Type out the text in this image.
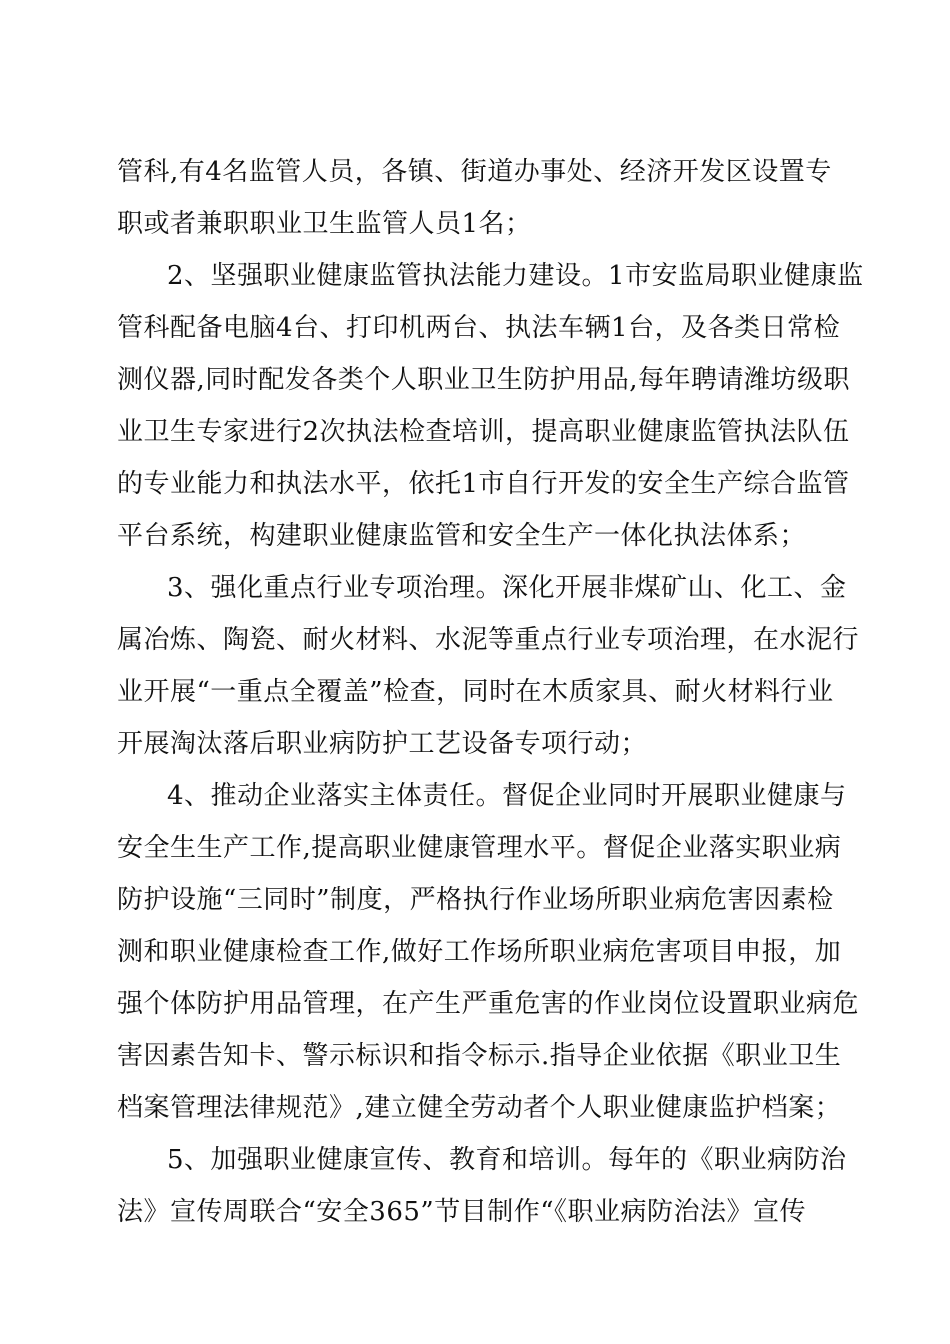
管科,有4名监管人员，各镇、街道办事处、经济开发区设置专
职或者兼职职业卫生监管人员1名；
2、坚强职业健康监管执法能力建设。1市安监局职业健康监
管科配备电脑4台、打印机两台、执法车辆1台，及各类日常检
测仪器,同时配发各类个人职业卫生防护用品,每年聘请潍坊级职
业卫生专家进行2次执法检查培训，提高职业健康监管执法队伍
的专业能力和执法水平，依托1市自行开发的安全生产综合监管
平台系统，构建职业健康监管和安全生产一体化执法体系；
3、强化重点行业专项治理。深化开展非煤矿山、化工、金
属冶炼、陶瓷、耐火材料、水泥等重点行业专项治理，在水泥行
业开展“一重点全覆盖”检查，同时在木质家具、耐火材料行业
开展淘汰落后职业病防护工艺设备专项行动；
4、推动企业落实主体责任。督促企业同时开展职业健康与
安全生生产工作,提高职业健康管理水平。督促企业落实职业病
防护设施“三同时”制度，严格执行作业场所职业病危害因素检
测和职业健康检查工作,做好工作场所职业病危害项目申报，加
强个体防护用品管理，在产生严重危害的作业岗位设置职业病危
害因素告知卡、警示标识和指令标示.指导企业依据《职业卫生
档案管理法律规范》,建立健全劳动者个人职业健康监护档案；
5、加强职业健康宣传、教育和培训。每年的《职业病防治
法》宣传周联合“安全365”节目制作“《职业病防治法》宣传
